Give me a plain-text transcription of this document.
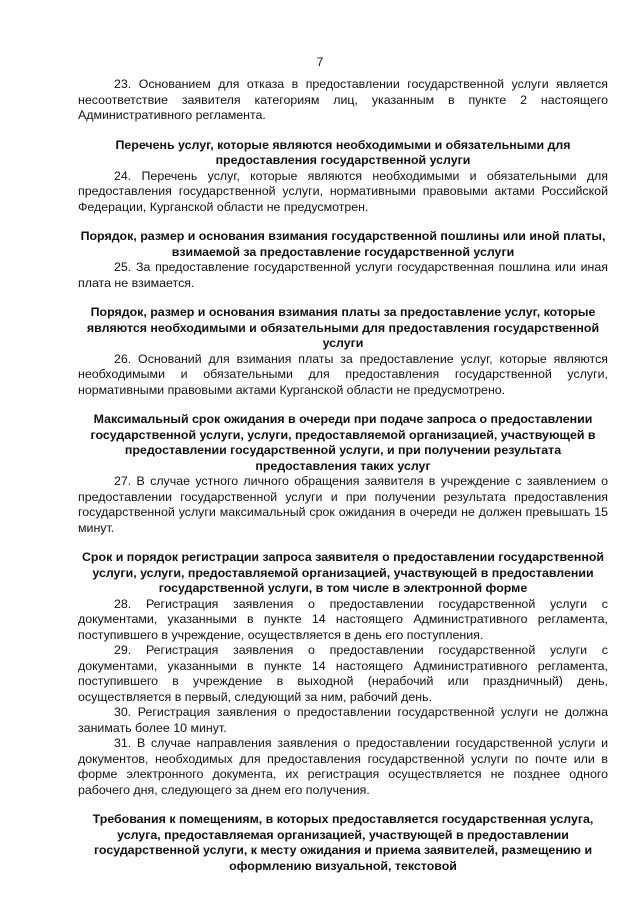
7

23. Основанием для отказа в предоставлении государственной услуги является несоответствие заявителя категориям лиц, указанным в пункте 2 настоящего Административного регламента.

Перечень услуг, которые являются необходимыми и обязательными для предоставления государственной услуги

24. Перечень услуг, которые являются необходимыми и обязательными для предоставления государственной услуги, нормативными правовыми актами Российской Федерации, Курганской области не предусмотрен.

Порядок, размер и основания взимания государственной пошлины или иной платы, взимаемой за предоставление государственной услуги

25. За предоставление государственной услуги государственная пошлина или иная плата не взимается.

Порядок, размер и основания взимания платы за предоставление услуг, которые являются необходимыми и обязательными для предоставления государственной услуги

26. Оснований для взимания платы за предоставление услуг, которые являются необходимыми и обязательными для предоставления государственной услуги, нормативными правовыми актами Курганской области не предусмотрено.

Максимальный срок ожидания в очереди при подаче запроса о предоставлении государственной услуги, услуги, предоставляемой организацией, участвующей в предоставлении государственной услуги, и при получении результата предоставления таких услуг

27. В случае устного личного обращения заявителя в учреждение с заявлением о предоставлении государственной услуги и при получении результата предоставления государственной услуги максимальный срок ожидания в очереди не должен превышать 15 минут.

Срок и порядок регистрации запроса заявителя о предоставлении государственной услуги, услуги, предоставляемой организацией, участвующей в предоставлении государственной услуги, в том числе в электронной форме

28. Регистрация заявления о предоставлении государственной услуги с документами, указанными в пункте 14 настоящего Административного регламента, поступившего в учреждение, осуществляется в день его поступления.

29. Регистрация заявления о предоставлении государственной услуги с документами, указанными в пункте 14 настоящего Административного регламента, поступившего в учреждение в выходной (нерабочий или праздничный) день, осуществляется в первый, следующий за ним, рабочий день.

30. Регистрация заявления о предоставлении государственной услуги не должна занимать более 10 минут.

31. В случае направления заявления о предоставлении государственной услуги и документов, необходимых для предоставления государственной услуги по почте или в форме электронного документа, их регистрация осуществляется не позднее одного рабочего дня, следующего за днем его получения.

Требования к помещениям, в которых предоставляется государственная услуга, услуга, предоставляемая организацией, участвующей в предоставлении государственной услуги, к месту ожидания и приема заявителей, размещению и оформлению визуальной, текстовой
